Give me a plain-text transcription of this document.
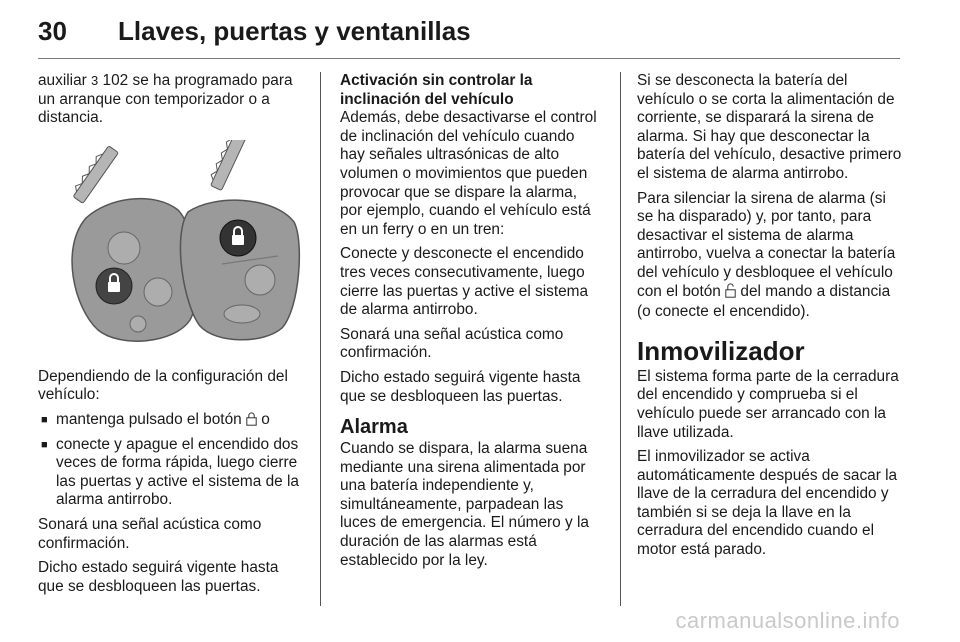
30 Llaves, puertas y ventanillas

auxiliar 3 102 se ha programado para un arranque con temporizador o a distancia.

Dependiendo de la configuración del vehículo:

■ mantenga pulsado el botón  o
■ conecte y apague el encendido dos veces de forma rápida, luego cierre las puertas y active el sistema de la alarma antirrobo.

Sonará una señal acústica como confirmación.

Dicho estado seguirá vigente hasta que se desbloqueen las puertas.

Activación sin controlar la inclinación del vehículo

Además, debe desactivarse el control de inclinación del vehículo cuando hay señales ultrasónicas de alto volumen o movimientos que pueden provocar que se dispare la alarma, por ejemplo, cuando el vehículo está en un ferry o en un tren:

Conecte y desconecte el encendido tres veces consecutivamente, luego cierre las puertas y active el sistema de alarma antirrobo.

Sonará una señal acústica como confirmación.

Dicho estado seguirá vigente hasta que se desbloqueen las puertas.

Alarma

Cuando se dispara, la alarma suena mediante una sirena alimentada por una batería independiente y, simultáneamente, parpadean las luces de emergencia. El número y la duración de las alarmas está establecido por la ley.

Si se desconecta la batería del vehículo o se corta la alimentación de corriente, se disparará la sirena de alarma. Si hay que desconectar la batería del vehículo, desactive primero el sistema de alarma antirrobo.

Para silenciar la sirena de alarma (si se ha disparado) y, por tanto, para desactivar el sistema de alarma antirrobo, vuelva a conectar la batería del vehículo y desbloquee el vehículo con el botón  del mando a distancia (o conecte el encendido).

Inmovilizador

El sistema forma parte de la cerradura del encendido y comprueba si el vehículo puede ser arrancado con la llave utilizada.

El inmovilizador se activa automáticamente después de sacar la llave de la cerradura del encendido y también si se deja la llave en la cerradura del encendido cuando el motor está parado.

carmanualsonline.info
